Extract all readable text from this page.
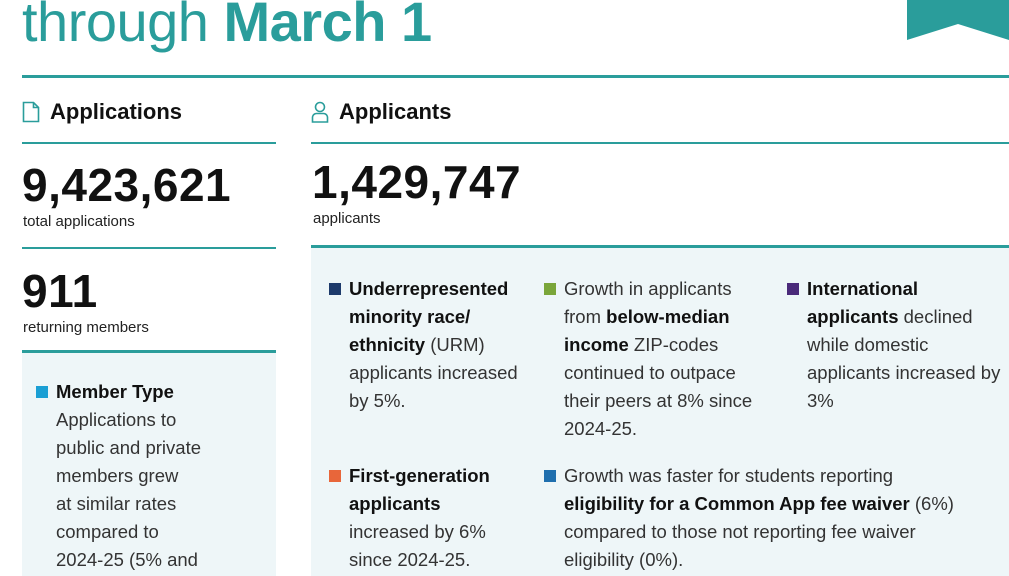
through March 1
Applications
9,423,621
total applications
911
returning members
Member Type
Applications to
public and private
members grew
at similar rates
compared to
2024-25 (5% and
Applicants
1,429,747
applicants
Underrepresented minority race/ ethnicity (URM) applicants increased by 5%.
Growth in applicants from below-median income ZIP-codes continued to outpace their peers at 8% since 2024-25.
International applicants declined while domestic applicants increased by 3%
First-generation applicants increased by 6% since 2024-25.
Growth was faster for students reporting eligibility for a Common App fee waiver (6%) compared to those not reporting fee waiver eligibility (0%).
